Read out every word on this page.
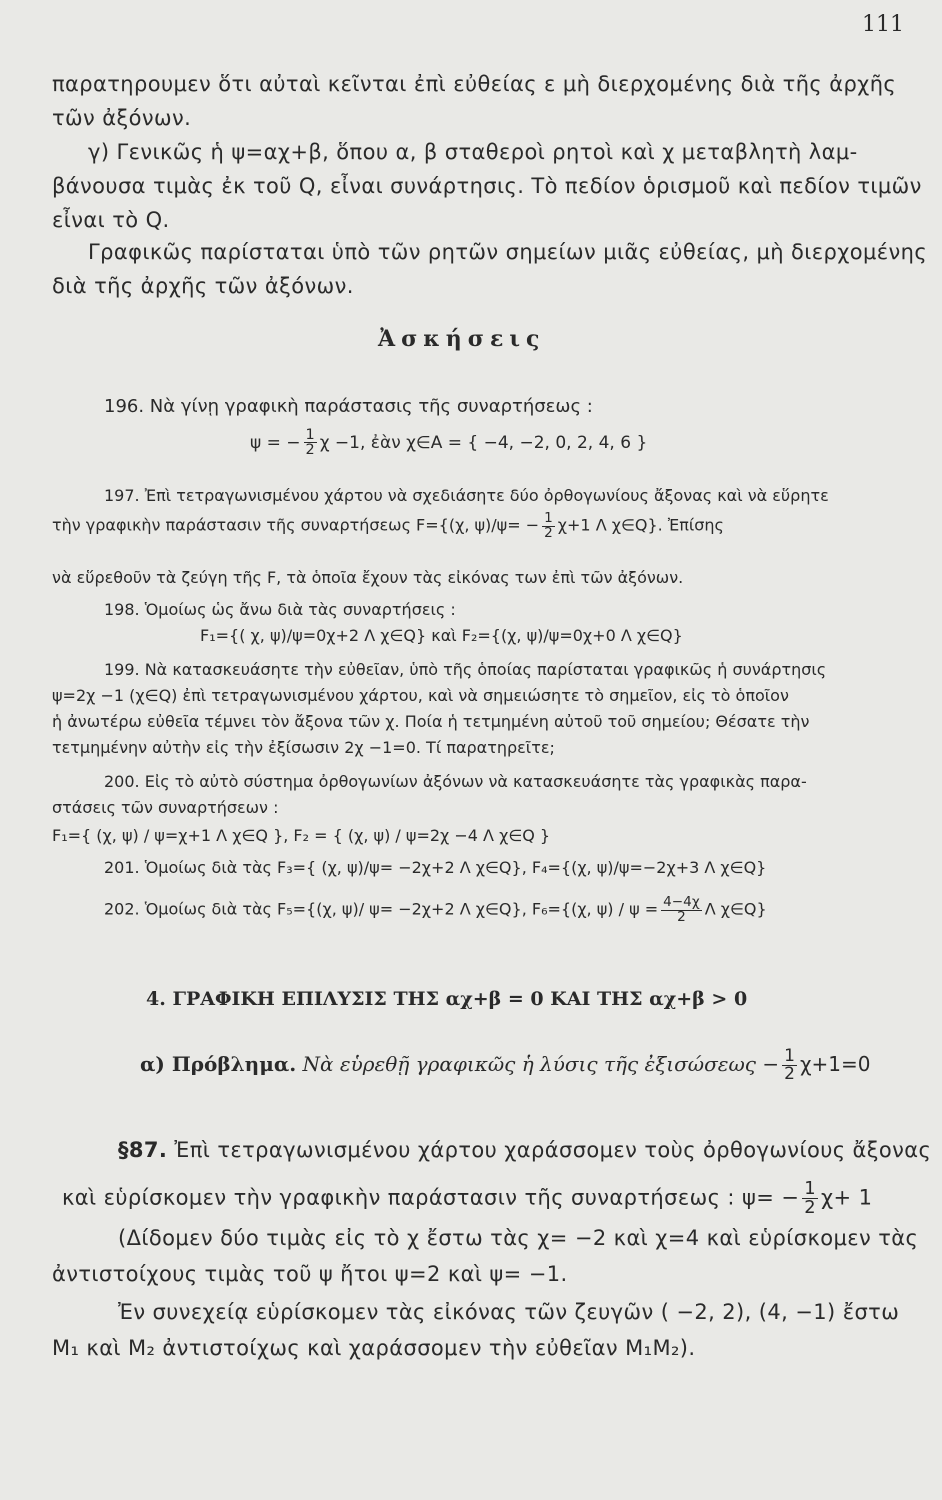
111
παρατηρουμεν ὅτι αὐταὶ κεῖνται ἐπὶ εὐθείας ε μὴ διερχομένης διὰ τῆς ἀρχῆς
τῶν ἀξόνων.
γ) Γενικῶς ἡ ψ=αχ+β, ὅπου α, β σταθεροὶ ρητοὶ καὶ χ μεταβλητὴ λαμ-
βάνουσα τιμὰς ἐκ τοῦ Q, εἶναι συνάρτησις. Τὸ πεδίον ὁρισμοῦ καὶ πεδίον τιμῶν
εἶναι τὸ Q.
Γραφικῶς παρίσταται ὑπὸ τῶν ρητῶν σημείων μιᾶς εὐθείας, μὴ διερχομένης
διὰ τῆς ἀρχῆς τῶν ἀξόνων.
Ἀσκήσεις
196. Νὰ γίνῃ γραφικὴ παράστασις τῆς συναρτήσεως :
ψ = − $\frac{1}{2}$ χ −1, ἐὰν χ∈A = { −4, −2, 0, 2, 4, 6 }
197. Ἐπὶ τετραγωνισμένου χάρτου νὰ σχεδιάσητε δύο ὀρθογωνίους ἄξονας καὶ νὰ εὕρητε
τὴν γραφικὴν παράστασιν τῆς συναρτήσεως F={(χ, $\psi)/\psi= - \frac{1}{2} \chi+1$ Λ χ∈Q}. Ἐπίσης
νὰ εὕρεθοῦν τὰ ζεύγη τῆς F, τὰ ὁποῖα ἔχουν τὰς εἰκόνας των ἐπὶ τῶν ἀξόνων.
198. Ὁμοίως ὡς ἄνω διὰ τὰς συναρτήσεις :
F₁={( χ, ψ)/ψ=0χ+2 Λ χ∈Q} καὶ F₂={(χ, ψ)/ψ=0χ+0 Λ χ∈Q}
199. Νὰ κατασκευάσητε τὴν εὐθεῖαν, ὑπὸ τῆς ὁποίας παρίσταται γραφικῶς ἡ συνάρτησις
ψ=2χ −1 (χ∈Q) ἐπὶ τετραγωνισμένου χάρτου, καὶ νὰ σημειώσητε τὸ σημεῖον, εἰς τὸ ὁποῖον
ἡ ἀνωτέρω εὐθεῖα τέμνει τὸν ἄξονα τῶν χ. Ποία ἡ τετμημένη αὐτοῦ τοῦ σημείου; Θέσατε τὴν
τετμημένην αὐτὴν εἰς τὴν ἐξίσωσιν 2χ −1=0. Τί παρατηρεῖτε;
200. Εἰς τὸ αὐτὸ σύστημα ὀρθογωνίων ἀξόνων νὰ κατασκευάσητε τὰς γραφικὰς παρα-
στάσεις τῶν συναρτήσεων :
F₁={ (χ, ψ) / ψ=χ+1 Λ χ∈Q }, F₂ = { (χ, ψ) / ψ=2χ −4 Λ χ∈Q }
201. Ὁμοίως διὰ τὰς F₃={ (χ, ψ)/ψ= −2χ+2 Λ χ∈Q}, F₄={(χ, ψ)/ψ=−2χ+3 Λ χ∈Q}
202. Ὁμοίως διὰ τὰς F₅={(χ, ψ)/ ψ= −2χ+2 Λ χ∈Q}, F₆={(χ, $\psi) / \psi = \frac{4-4\chi}{2}$ Λ χ∈Q}
4. ΓΡΑΦΙΚΗ ΕΠΙΛΥΣΙΣ ΤΗΣ αχ+β = 0 ΚΑΙ ΤΗΣ αχ+β > 0
α) Πρόβλημα. Νὰ εὑρεθῇ γραφικῶς ἡ λύσις τῆς ἐξισώσεως − $\frac{1}{2} \chi+1=0$
§87. Ἐπὶ τετραγωνισμένου χάρτου χαράσσομεν τοὺς ὀρθογωνίους ἄξονας
καὶ εὑρίσκομεν τὴν γραφικὴν παράστασιν τῆς συναρτήσεως : $\psi= - \frac{1}{2} \chi+ 1$
(Δίδομεν δύο τιμὰς εἰς τὸ χ ἔστω τὰς χ= −2 καὶ χ=4 καὶ εὑρίσκομεν τὰς
ἀντιστοίχους τιμὰς τοῦ ψ ἤτοι ψ=2 καὶ ψ= −1.
Ἐν συνεχείᾳ εὑρίσκομεν τὰς εἰκόνας τῶν ζευγῶν ( −2, 2), (4, −1) ἔστω
M₁ καὶ M₂ ἀντιστοίχως καὶ χαράσσομεν τὴν εὐθεῖαν M₁M₂).
